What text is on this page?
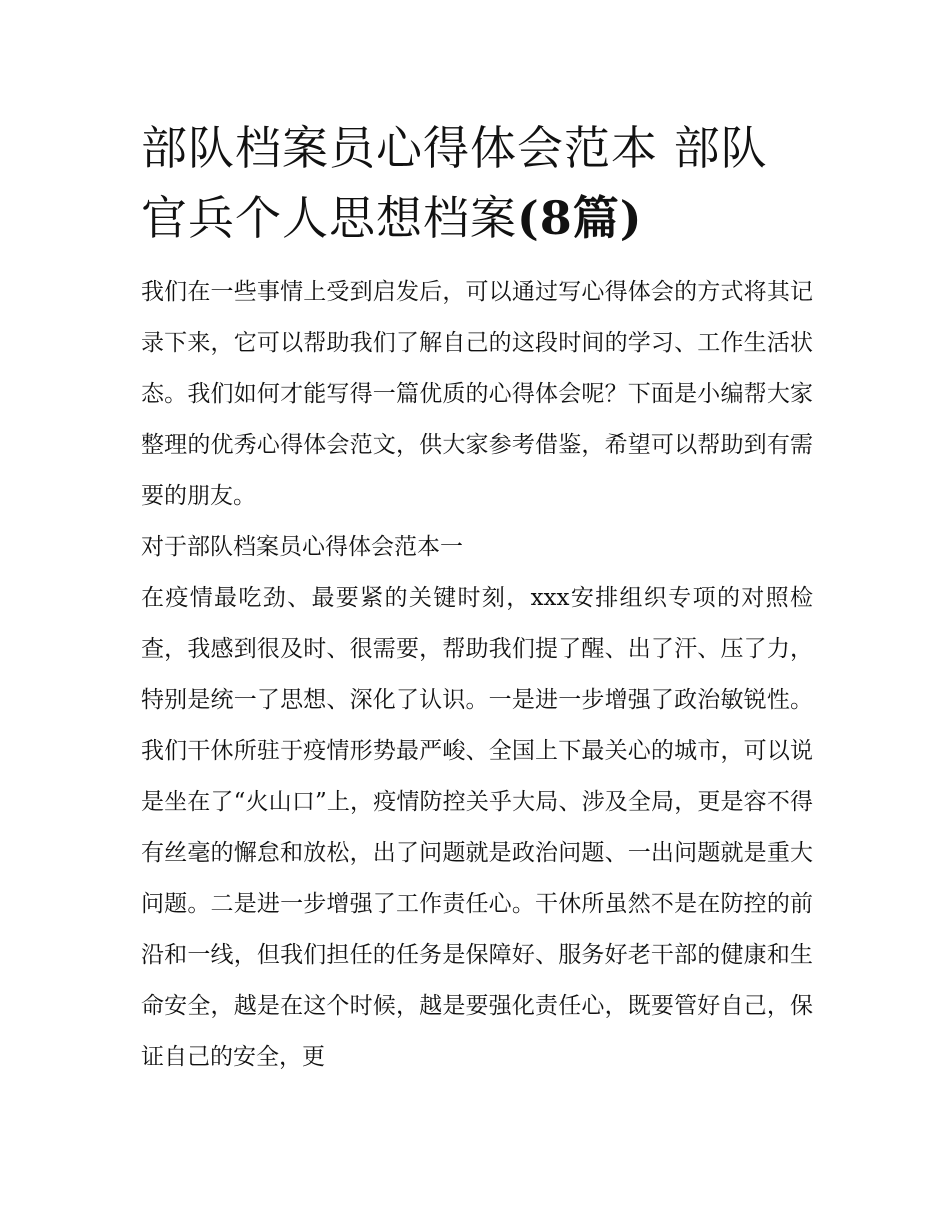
部队档案员心得体会范本 部队官兵个人思想档案(8篇)

我们在一些事情上受到启发后，可以通过写心得体会的方式将其记录下来，它可以帮助我们了解自己的这段时间的学习、工作生活状态。我们如何才能写得一篇优质的心得体会呢？下面是小编帮大家整理的优秀心得体会范文，供大家参考借鉴，希望可以帮助到有需要的朋友。

对于部队档案员心得体会范本一

在疫情最吃劲、最要紧的关键时刻，xxx安排组织专项的对照检查，我感到很及时、很需要，帮助我们提了醒、出了汗、压了力，特别是统一了思想、深化了认识。一是进一步增强了政治敏锐性。我们干休所驻于疫情形势最严峻、全国上下最关心的城市，可以说是坐在了“火山口”上，疫情防控关乎大局、涉及全局，更是容不得有丝毫的懈怠和放松，出了问题就是政治问题、一出问题就是重大问题。二是进一步增强了工作责任心。干休所虽然不是在防控的前沿和一线，但我们担任的任务是保障好、服务好老干部的健康和生命安全，越是在这个时候，越是要强化责任心，既要管好自己，保证自己的安全，更
